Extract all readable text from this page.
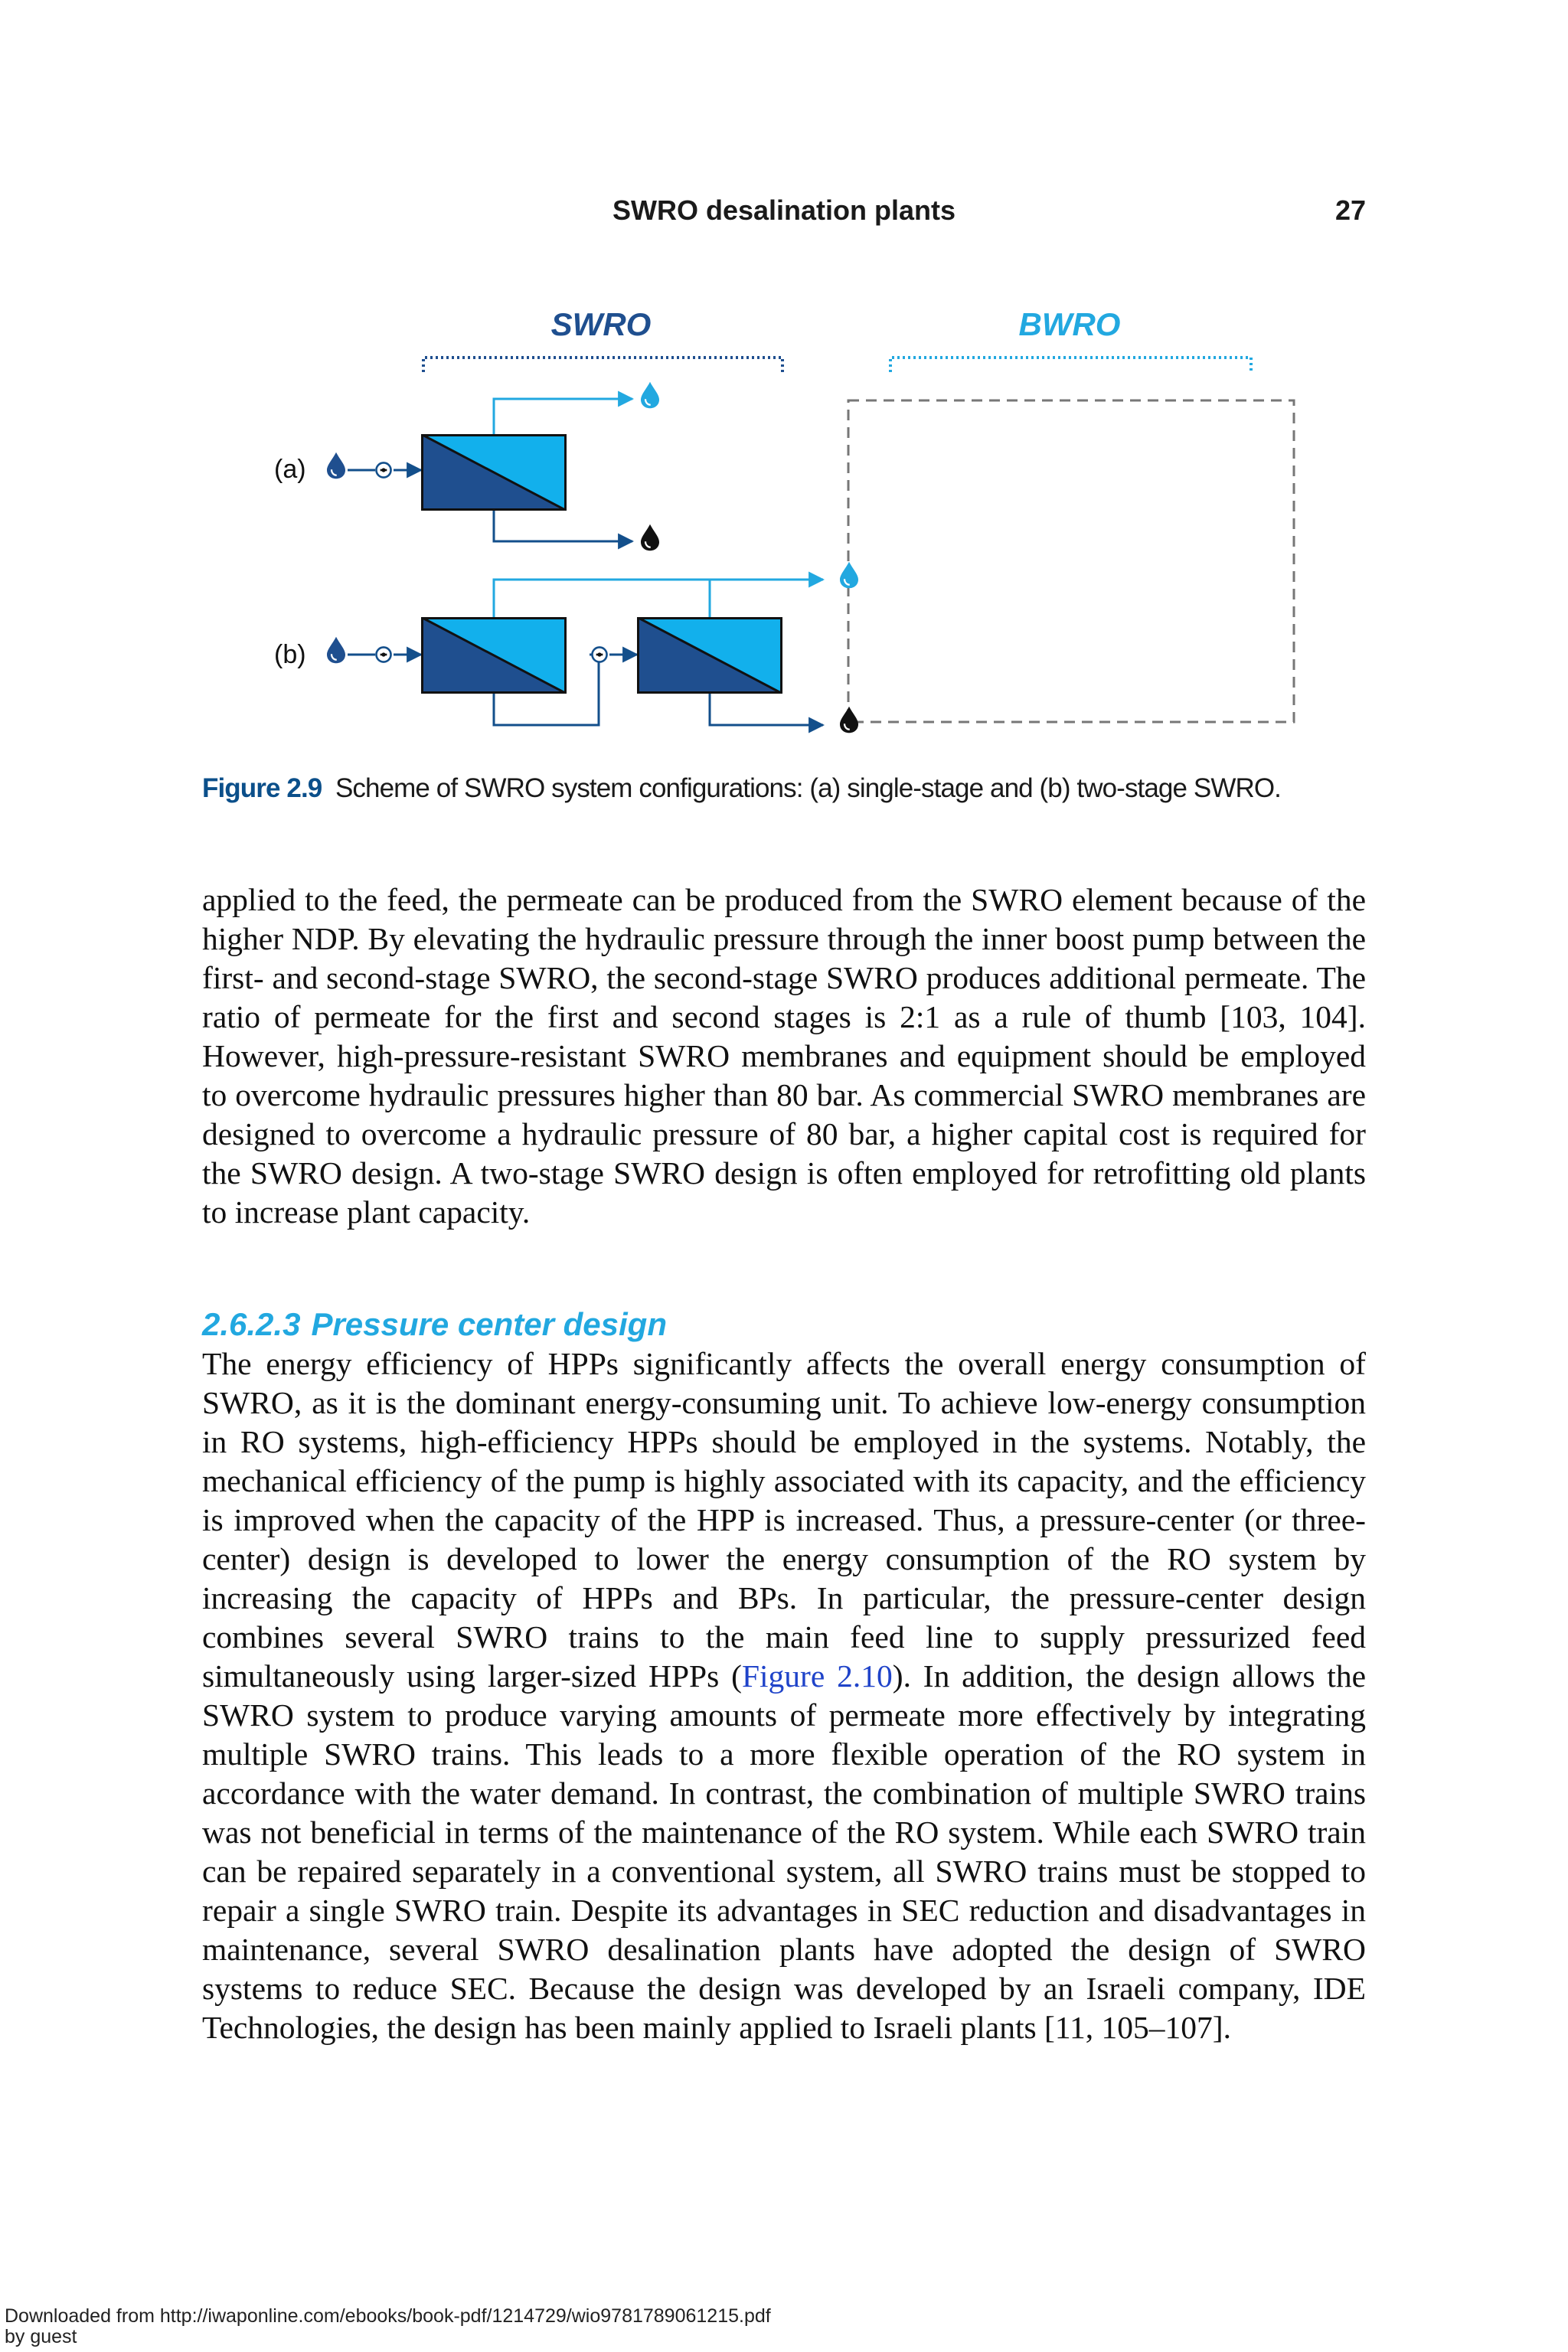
SWRO desalination plants	27
SWRO	BWRO
(a)
(b)
Figure 2.9 Scheme of SWRO system configurations: (a) single-stage and (b) two-stage SWRO.

applied to the feed, the permeate can be produced from the SWRO element because of the higher NDP. By elevating the hydraulic pressure through the inner boost pump between the first- and second-stage SWRO, the second-stage SWRO produces additional permeate. The ratio of permeate for the first and second stages is 2:1 as a rule of thumb [103, 104]. However, high-pressure-resistant SWRO membranes and equipment should be employed to overcome hydraulic pressures higher than 80 bar. As commercial SWRO membranes are designed to overcome a hydraulic pressure of 80 bar, a higher capital cost is required for the SWRO design. A two-stage SWRO design is often employed for retrofitting old plants to increase plant capacity.

2.6.2.3 Pressure center design

The energy efficiency of HPPs significantly affects the overall energy consumption of SWRO, as it is the dominant energy-consuming unit. To achieve low-energy consumption in RO systems, high-efficiency HPPs should be employed in the systems. Notably, the mechanical efficiency of the pump is highly associated with its capacity, and the efficiency is improved when the capacity of the HPP is increased. Thus, a pressure-center (or three-center) design is developed to lower the energy consumption of the RO system by increasing the capacity of HPPs and BPs. In particular, the pressure-center design combines several SWRO trains to the main feed line to supply pressurized feed simultaneously using larger-sized HPPs (Figure 2.10). In addition, the design allows the SWRO system to produce varying amounts of permeate more effectively by integrating multiple SWRO trains. This leads to a more flexible operation of the RO system in accordance with the water demand. In contrast, the combination of multiple SWRO trains was not beneficial in terms of the maintenance of the RO system. While each SWRO train can be repaired separately in a conventional system, all SWRO trains must be stopped to repair a single SWRO train. Despite its advantages in SEC reduction and disadvantages in maintenance, several SWRO desalination plants have adopted the design of SWRO systems to reduce SEC. Because the design was developed by an Israeli company, IDE Technologies, the design has been mainly applied to Israeli plants [11, 105–107].

Downloaded from http://iwaponline.com/ebooks/book-pdf/1214729/wio9781789061215.pdf
by guest
